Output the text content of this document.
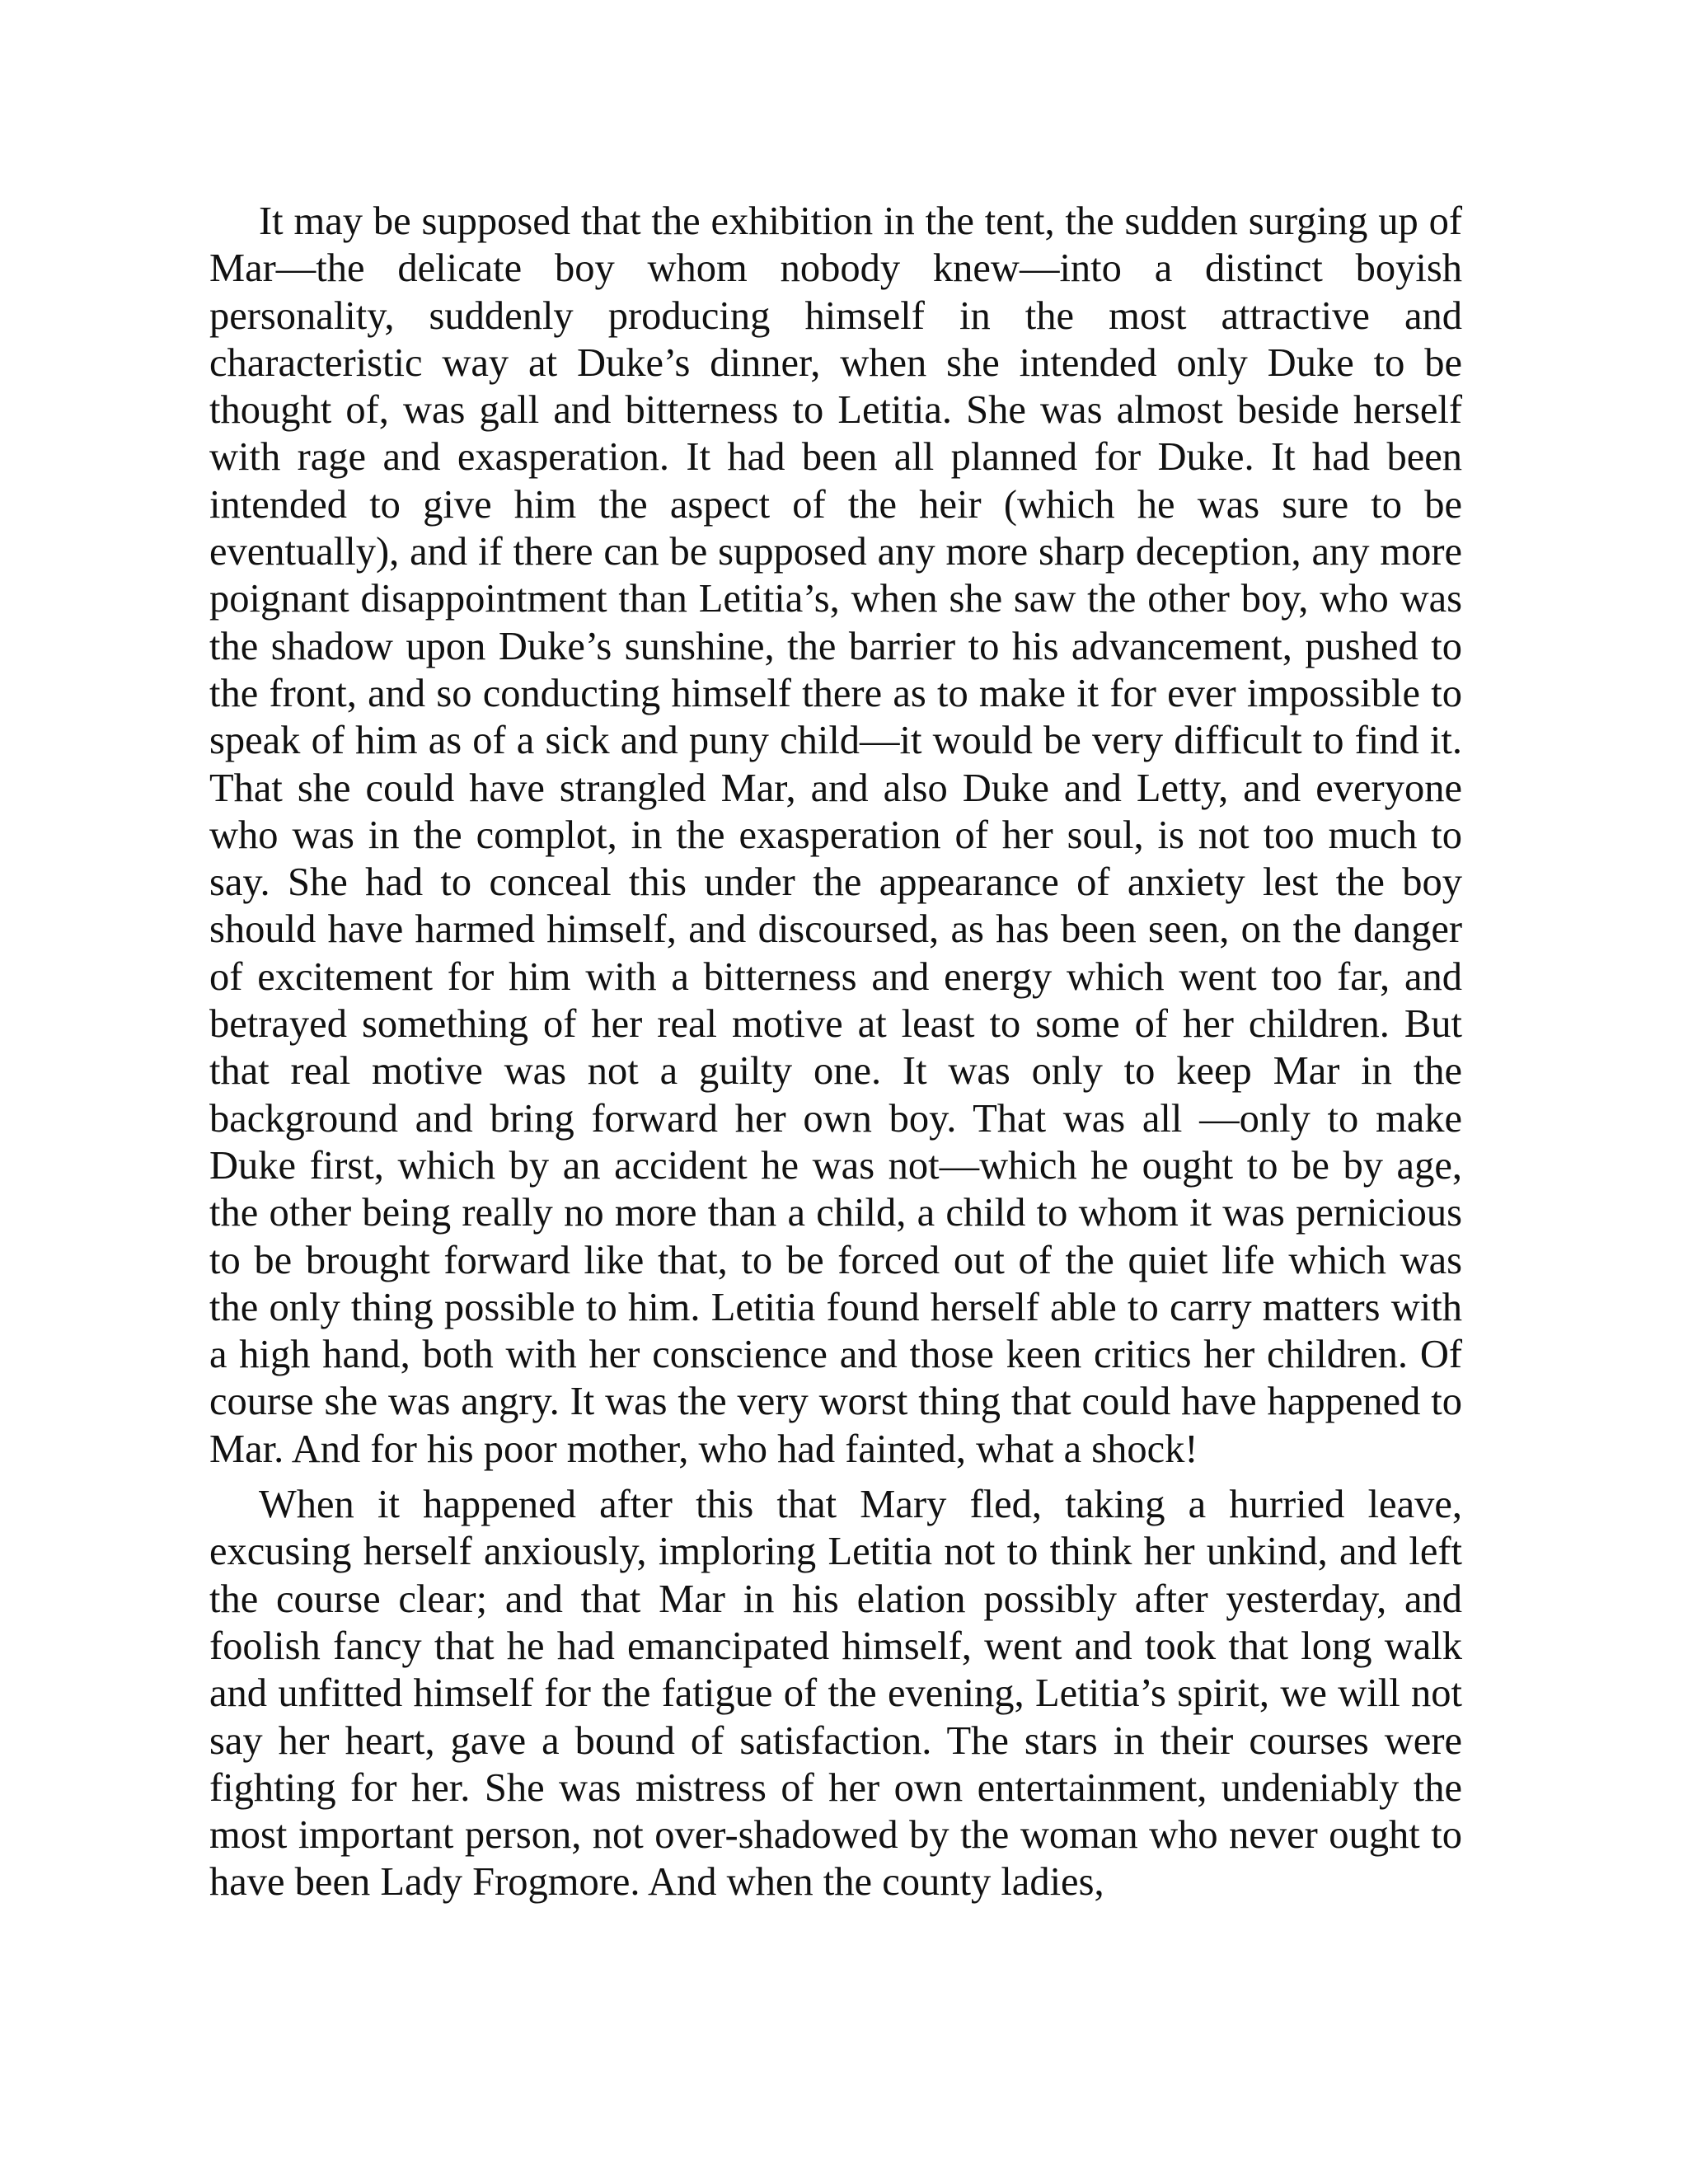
It may be supposed that the exhibition in the tent, the sudden surging up of Mar—the delicate boy whom nobody knew—into a distinct boyish personality, suddenly producing himself in the most attractive and characteristic way at Duke’s dinner, when she intended only Duke to be thought of, was gall and bitterness to Letitia. She was almost beside herself with rage and exasperation. It had been all planned for Duke. It had been intended to give him the aspect of the heir (which he was sure to be eventually), and if there can be supposed any more sharp deception, any more poignant disappointment than Letitia’s, when she saw the other boy, who was the shadow upon Duke’s sunshine, the barrier to his advancement, pushed to the front, and so conducting himself there as to make it for ever impossible to speak of him as of a sick and puny child—it would be very difficult to find it. That she could have strangled Mar, and also Duke and Letty, and everyone who was in the complot, in the exasperation of her soul, is not too much to say. She had to conceal this under the appearance of anxiety lest the boy should have harmed himself, and discoursed, as has been seen, on the danger of excitement for him with a bitterness and energy which went too far, and betrayed something of her real motive at least to some of her children. But that real motive was not a guilty one. It was only to keep Mar in the background and bring forward her own boy. That was all —only to make Duke first, which by an accident he was not—which he ought to be by age, the other being really no more than a child, a child to whom it was pernicious to be brought forward like that, to be forced out of the quiet life which was the only thing possible to him. Letitia found herself able to carry matters with a high hand, both with her conscience and those keen critics her children. Of course she was angry. It was the very worst thing that could have happened to Mar. And for his poor mother, who had fainted, what a shock!

When it happened after this that Mary fled, taking a hurried leave, excusing herself anxiously, imploring Letitia not to think her unkind, and left the course clear; and that Mar in his elation possibly after yesterday, and foolish fancy that he had emancipated himself, went and took that long walk and unfitted himself for the fatigue of the evening, Letitia’s spirit, we will not say her heart, gave a bound of satisfaction. The stars in their courses were fighting for her. She was mistress of her own entertainment, undeniably the most important person, not over-shadowed by the woman who never ought to have been Lady Frogmore. And when the county ladies,
